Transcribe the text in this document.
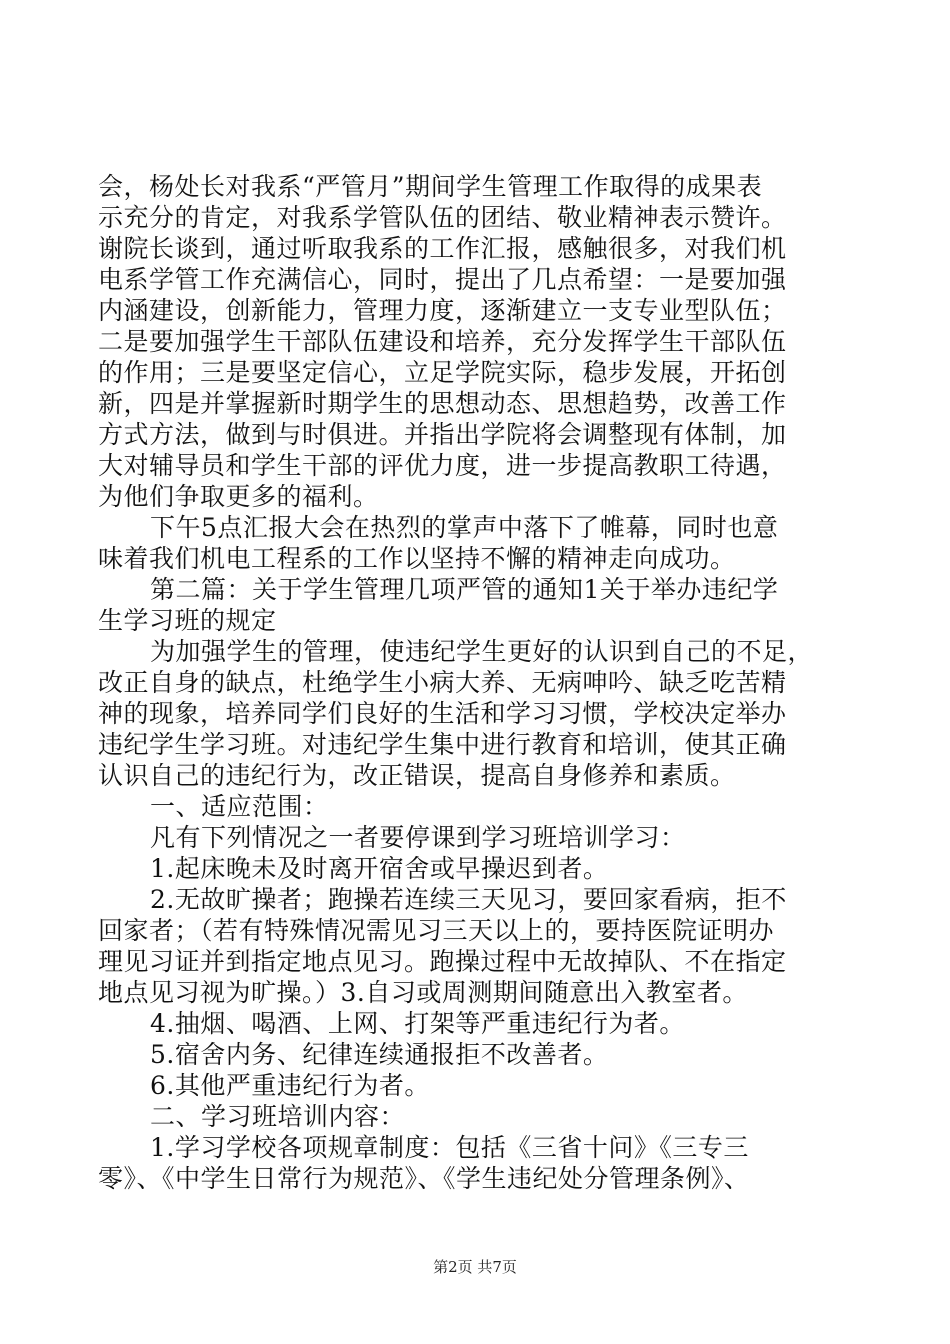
会，杨处长对我系“严管月”期间学生管理工作取得的成果表
示充分的肯定，对我系学管队伍的团结、敬业精神表示赞许。
谢院长谈到，通过听取我系的工作汇报，感触很多，对我们机
电系学管工作充满信心，同时，提出了几点希望：一是要加强
内涵建设，创新能力，管理力度，逐渐建立一支专业型队伍；
二是要加强学生干部队伍建设和培养，充分发挥学生干部队伍
的作用；三是要坚定信心，立足学院实际，稳步发展，开拓创
新，四是并掌握新时期学生的思想动态、思想趋势，改善工作
方式方法，做到与时俱进。并指出学院将会调整现有体制，加
大对辅导员和学生干部的评优力度，进一步提高教职工待遇，
为他们争取更多的福利。
下午5点汇报大会在热烈的掌声中落下了帷幕，同时也意
味着我们机电工程系的工作以坚持不懈的精神走向成功。
第二篇：关于学生管理几项严管的通知1关于举办违纪学
生学习班的规定
为加强学生的管理，使违纪学生更好的认识到自己的不足，
改正自身的缺点，杜绝学生小病大养、无病呻吟、缺乏吃苦精
神的现象，培养同学们良好的生活和学习习惯，学校决定举办
违纪学生学习班。对违纪学生集中进行教育和培训，使其正确
认识自己的违纪行为，改正错误，提高自身修养和素质。
一、适应范围：
凡有下列情况之一者要停课到学习班培训学习：
1.起床晚未及时离开宿舍或早操迟到者。
2.无故旷操者；跑操若连续三天见习，要回家看病，拒不
回家者；（若有特殊情况需见习三天以上的，要持医院证明办
理见习证并到指定地点见习。跑操过程中无故掉队、不在指定
地点见习视为旷操。）3.自习或周测期间随意出入教室者。
4.抽烟、喝酒、上网、打架等严重违纪行为者。
5.宿舍内务、纪律连续通报拒不改善者。
6.其他严重违纪行为者。
二、学习班培训内容：
1.学习学校各项规章制度：包括《三省十问》《三专三
零》、《中学生日常行为规范》、《学生违纪处分管理条例》、
第2页 共7页
